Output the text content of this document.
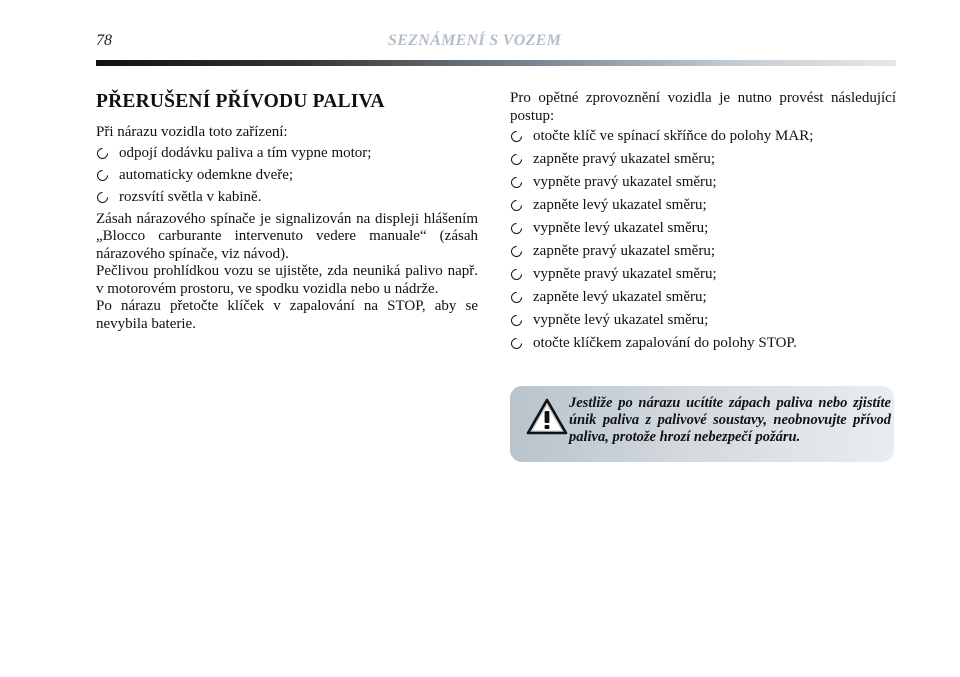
78	SEZNÁMENÍ S VOZEM
PŘERUŠENÍ PŘÍVODU PALIVA

Při nárazu vozidla toto zařízení:

odpojí dodávku paliva a tím vypne motor;
automaticky odemkne dveře;
rozsvítí světla v kabině.

Zásah nárazového spínače je signalizován na displeji hlášením „Blocco carburante intervenuto vedere manuale“ (zásah nárazového spínače, viz návod).

Pečlivou prohlídkou vozu se ujistěte, zda neuniká palivo např. v motorovém prostoru, ve spodku vozidla nebo u nádrže.

Po nárazu přetočte klíček v zapalování na STOP, aby se nevybila baterie.

Pro opětné zprovoznění vozidla je nutno provést následující postup:

otočte klíč ve spínací skříňce do polohy MAR;
zapněte pravý ukazatel směru;
vypněte pravý ukazatel směru;
zapněte levý ukazatel směru;
vypněte levý ukazatel směru;
zapněte pravý ukazatel směru;
vypněte pravý ukazatel směru;
zapněte levý ukazatel směru;
vypněte levý ukazatel směru;
otočte klíčkem zapalování do polohy STOP.
Jestliže po nárazu ucítíte zápach paliva nebo zjistíte únik paliva z palivové soustavy, neobnovujte přívod paliva, protože hrozí nebezpečí požáru.
